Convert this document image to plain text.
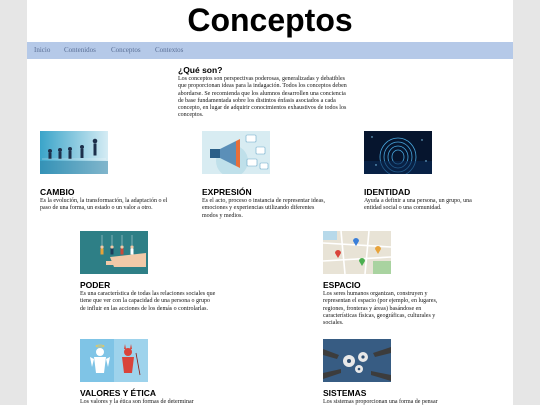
Conceptos
Inicio Contenidos Conceptos Contextos
¿Qué son?

Los conceptos son perspectivas poderosas, generalizadas y debatibles que proporcionan ideas para la indagación. Todos los conceptos deben abordarse. Se recomienda que los alumnos desarrollen una conciencia de base fundamentada sobre los distintos énfasis asociados a cada concepto, en lugar de adquirir conocimientos exhaustivos de todos los conceptos.

CAMBIO

Es la evolución, la transformación, la adaptación o el paso de una forma, un estado o un valor a otro.

EXPRESIÓN

Es el acto, proceso o instancia de representar ideas, emociones y experiencias utilizando diferentes modos y medios.

IDENTIDAD

Ayuda a definir a una persona, un grupo, una entidad social o una comunidad.

PODER

Es una característica de todas las relaciones sociales que tiene que ver con la capacidad de una persona o grupo de influir en las acciones de los demás o controlarlas.

ESPACIO

Los seres humanos organizan, construyen y representan el espacio (por ejemplo, en lugares, regiones, fronteras y áreas) basándose en características físicas, geográficas, culturales y sociales.

VALORES Y ÉTICA

Los valores y la ética son formas de determinar

SISTEMAS

Los sistemas proporcionan una forma de pensar
